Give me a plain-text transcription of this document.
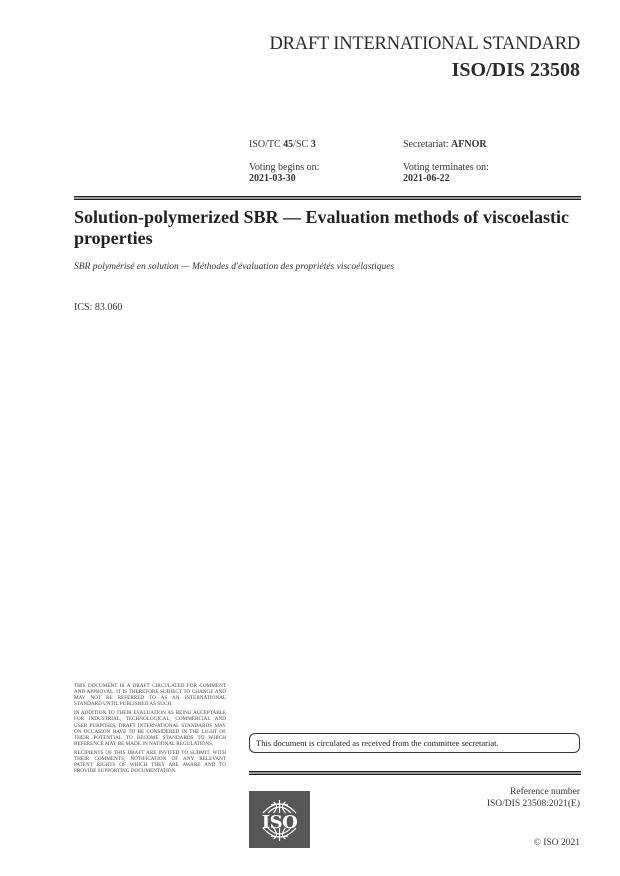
DRAFT INTERNATIONAL STANDARD
ISO/DIS 23508
ISO/TC 45/SC 3	Secretariat: AFNOR
Voting begins on:
2021-03-30
Voting terminates on:
2021-06-22
Solution-polymerized SBR — Evaluation methods of viscoelastic properties
SBR polymérisé en solution — Méthodes d'évaluation des propriétés viscoélastiques
ICS: 83.060

THIS DOCUMENT IS A DRAFT CIRCULATED FOR COMMENT AND APPROVAL. IT IS THEREFORE SUBJECT TO CHANGE AND MAY NOT BE REFERRED TO AS AN INTERNATIONAL STANDARD UNTIL PUBLISHED AS SUCH.

IN ADDITION TO THEIR EVALUATION AS BEING ACCEPTABLE FOR INDUSTRIAL, TECHNOLOGICAL, COMMERCIAL AND USER PURPOSES, DRAFT INTERNATIONAL STANDARDS MAY ON OCCASION HAVE TO BE CONSIDERED IN THE LIGHT OF THEIR POTENTIAL TO BECOME STANDARDS TO WHICH REFERENCE MAY BE MADE IN NATIONAL REGULATIONS.

RECIPIENTS OF THIS DRAFT ARE INVITED TO SUBMIT, WITH THEIR COMMENTS, NOTIFICATION OF ANY RELEVANT PATENT RIGHTS OF WHICH THEY ARE AWARE AND TO PROVIDE SUPPORTING DOCUMENTATION.

This document is circulated as received from the committee secretariat.
ISO
Reference number
ISO/DIS 23508:2021(E)
© ISO 2021
